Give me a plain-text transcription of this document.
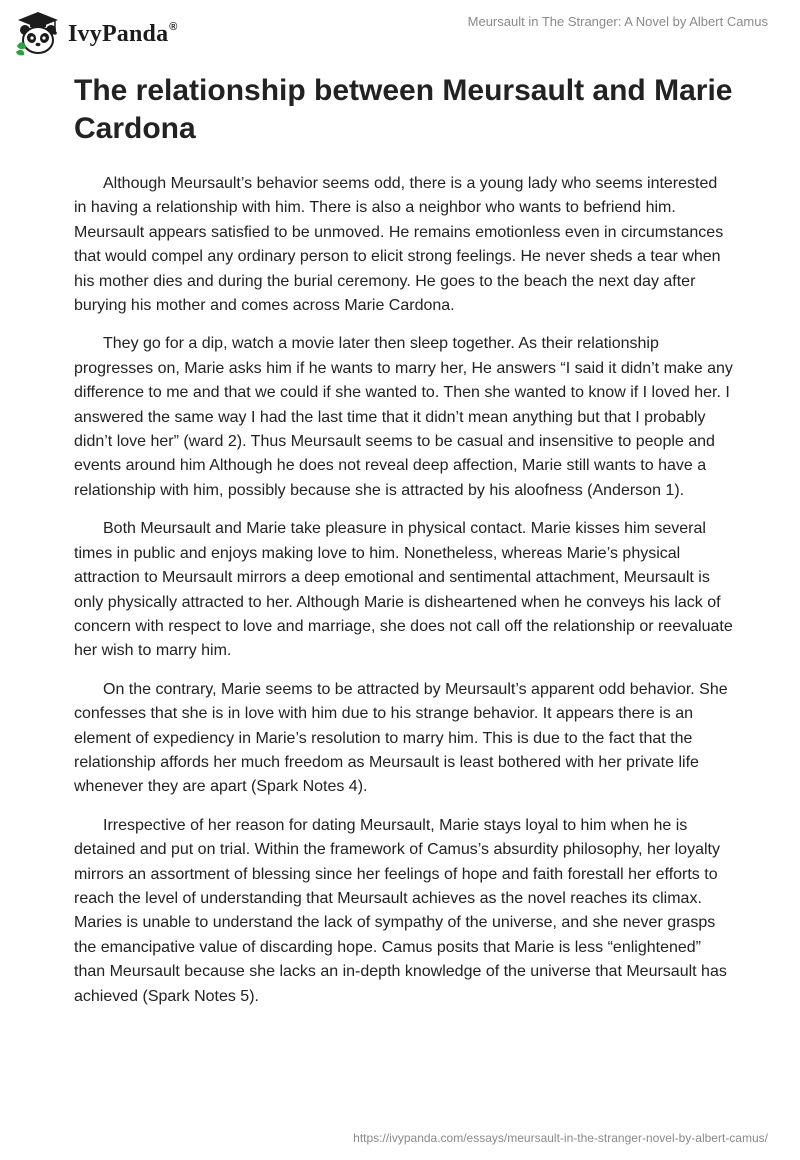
IvyPanda®	Meursault in The Stranger: A Novel by Albert Camus
The relationship between Meursault and Marie Cardona

Although Meursault’s behavior seems odd, there is a young lady who seems interested in having a relationship with him. There is also a neighbor who wants to befriend him. Meursault appears satisfied to be unmoved. He remains emotionless even in circumstances that would compel any ordinary person to elicit strong feelings. He never sheds a tear when his mother dies and during the burial ceremony. He goes to the beach the next day after burying his mother and comes across Marie Cardona.

They go for a dip, watch a movie later then sleep together. As their relationship progresses on, Marie asks him if he wants to marry her, He answers “I said it didn’t make any difference to me and that we could if she wanted to. Then she wanted to know if I loved her. I answered the same way I had the last time that it didn’t mean anything but that I probably didn’t love her” (ward 2). Thus Meursault seems to be casual and insensitive to people and events around him Although he does not reveal deep affection, Marie still wants to have a relationship with him, possibly because she is attracted by his aloofness (Anderson 1).

Both Meursault and Marie take pleasure in physical contact. Marie kisses him several times in public and enjoys making love to him. Nonetheless, whereas Marie’s physical attraction to Meursault mirrors a deep emotional and sentimental attachment, Meursault is only physically attracted to her. Although Marie is disheartened when he conveys his lack of concern with respect to love and marriage, she does not call off the relationship or reevaluate her wish to marry him.

On the contrary, Marie seems to be attracted by Meursault’s apparent odd behavior. She confesses that she is in love with him due to his strange behavior. It appears there is an element of expediency in Marie’s resolution to marry him. This is due to the fact that the relationship affords her much freedom as Meursault is least bothered with her private life whenever they are apart (Spark Notes 4).

Irrespective of her reason for dating Meursault, Marie stays loyal to him when he is detained and put on trial. Within the framework of Camus’s absurdity philosophy, her loyalty mirrors an assortment of blessing since her feelings of hope and faith forestall her efforts to reach the level of understanding that Meursault achieves as the novel reaches its climax. Maries is unable to understand the lack of sympathy of the universe, and she never grasps the emancipative value of discarding hope. Camus posits that Marie is less “enlightened” than Meursault because she lacks an in-depth knowledge of the universe that Meursault has achieved (Spark Notes 5).

https://ivypanda.com/essays/meursault-in-the-stranger-novel-by-albert-camus/
